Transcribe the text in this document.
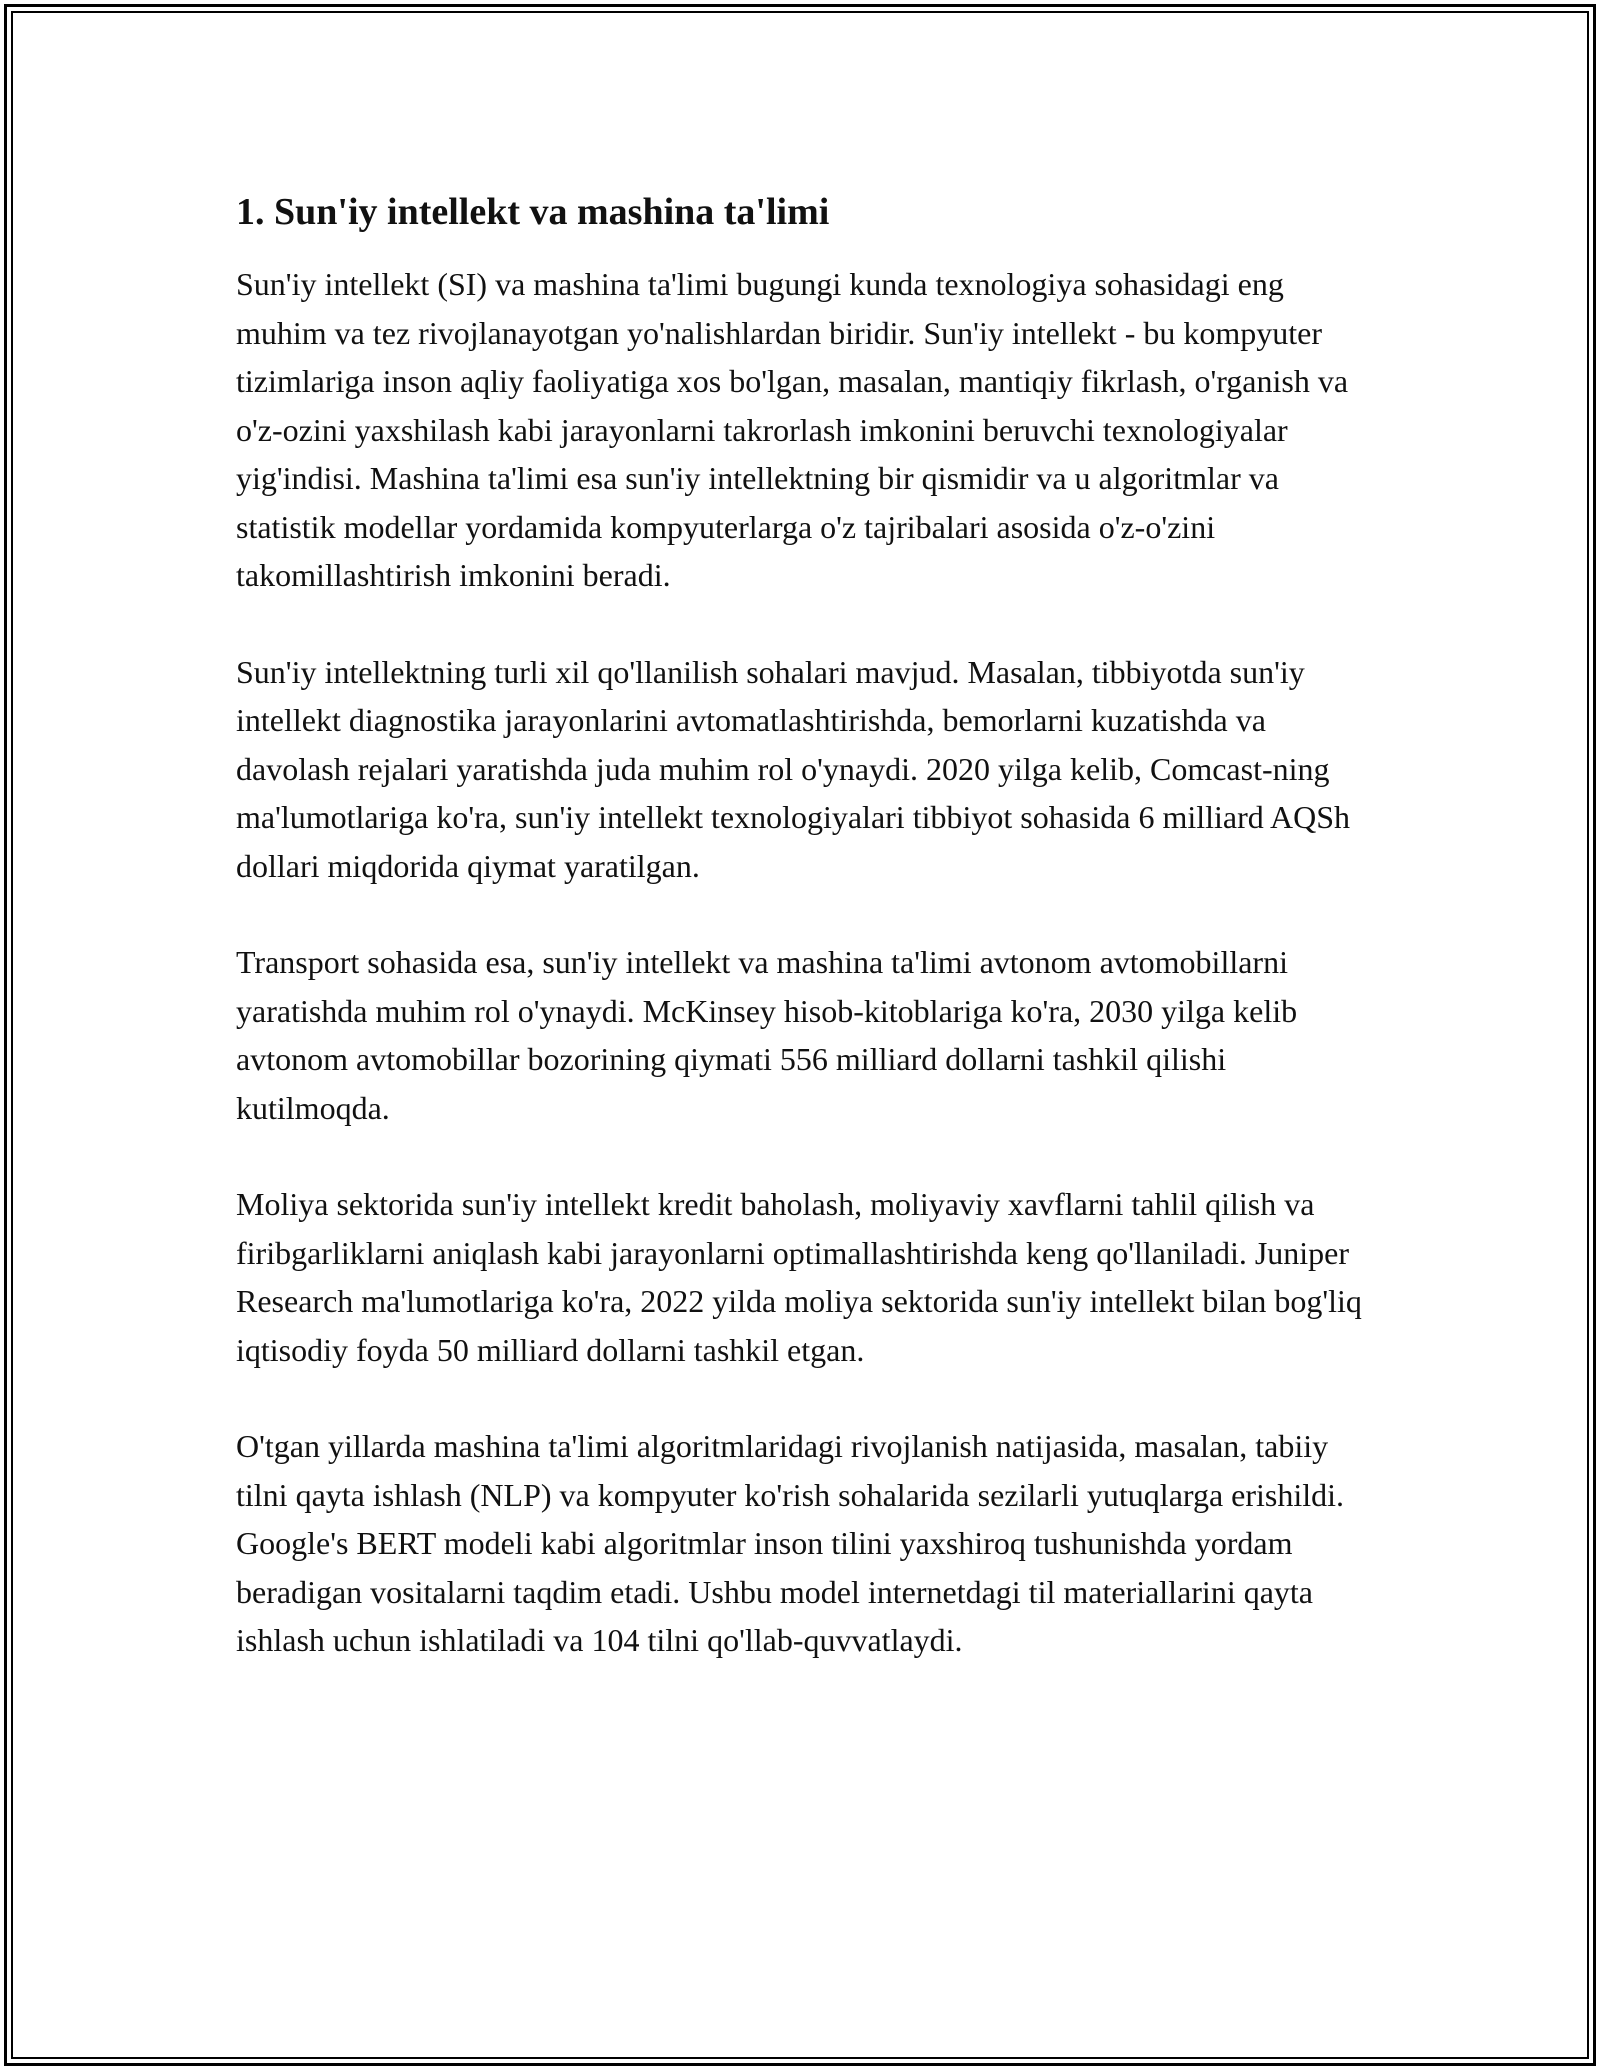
1. Sun'iy intellekt va mashina ta'limi

Sun'iy intellekt (SI) va mashina ta'limi bugungi kunda texnologiya sohasidagi eng muhim va tez rivojlanayotgan yo'nalishlardan biridir. Sun'iy intellekt - bu kompyuter tizimlariga inson aqliy faoliyatiga xos bo'lgan, masalan, mantiqiy fikrlash, o'rganish va o'z-ozini yaxshilash kabi jarayonlarni takrorlash imkonini beruvchi texnologiyalar yig'indisi. Mashina ta'limi esa sun'iy intellektning bir qismidir va u algoritmlar va statistik modellar yordamida kompyuterlarga o'z tajribalari asosida o'z-o'zini takomillashtirish imkonini beradi.

Sun'iy intellektning turli xil qo'llanilish sohalari mavjud. Masalan, tibbiyotda sun'iy intellekt diagnostika jarayonlarini avtomatlashtirishda, bemorlarni kuzatishda va davolash rejalari yaratishda juda muhim rol o'ynaydi. 2020 yilga kelib, Comcast-ning ma'lumotlariga ko'ra, sun'iy intellekt texnologiyalari tibbiyot sohasida 6 milliard AQSh dollari miqdorida qiymat yaratilgan.

Transport sohasida esa, sun'iy intellekt va mashina ta'limi avtonom avtomobillarni yaratishda muhim rol o'ynaydi. McKinsey hisob-kitoblariga ko'ra, 2030 yilga kelib avtonom avtomobillar bozorining qiymati 556 milliard dollarni tashkil qilishi kutilmoqda.

Moliya sektorida sun'iy intellekt kredit baholash, moliyaviy xavflarni tahlil qilish va firibgarliklarni aniqlash kabi jarayonlarni optimallashtirishda keng qo'llaniladi. Juniper Research ma'lumotlariga ko'ra, 2022 yilda moliya sektorida sun'iy intellekt bilan bog'liq iqtisodiy foyda 50 milliard dollarni tashkil etgan.

O'tgan yillarda mashina ta'limi algoritmlaridagi rivojlanish natijasida, masalan, tabiiy tilni qayta ishlash (NLP) va kompyuter ko'rish sohalarida sezilarli yutuqlarga erishildi. Google's BERT modeli kabi algoritmlar inson tilini yaxshiroq tushunishda yordam beradigan vositalarni taqdim etadi. Ushbu model internetdagi til materiallarini qayta ishlash uchun ishlatiladi va 104 tilni qo'llab-quvvatlaydi.
